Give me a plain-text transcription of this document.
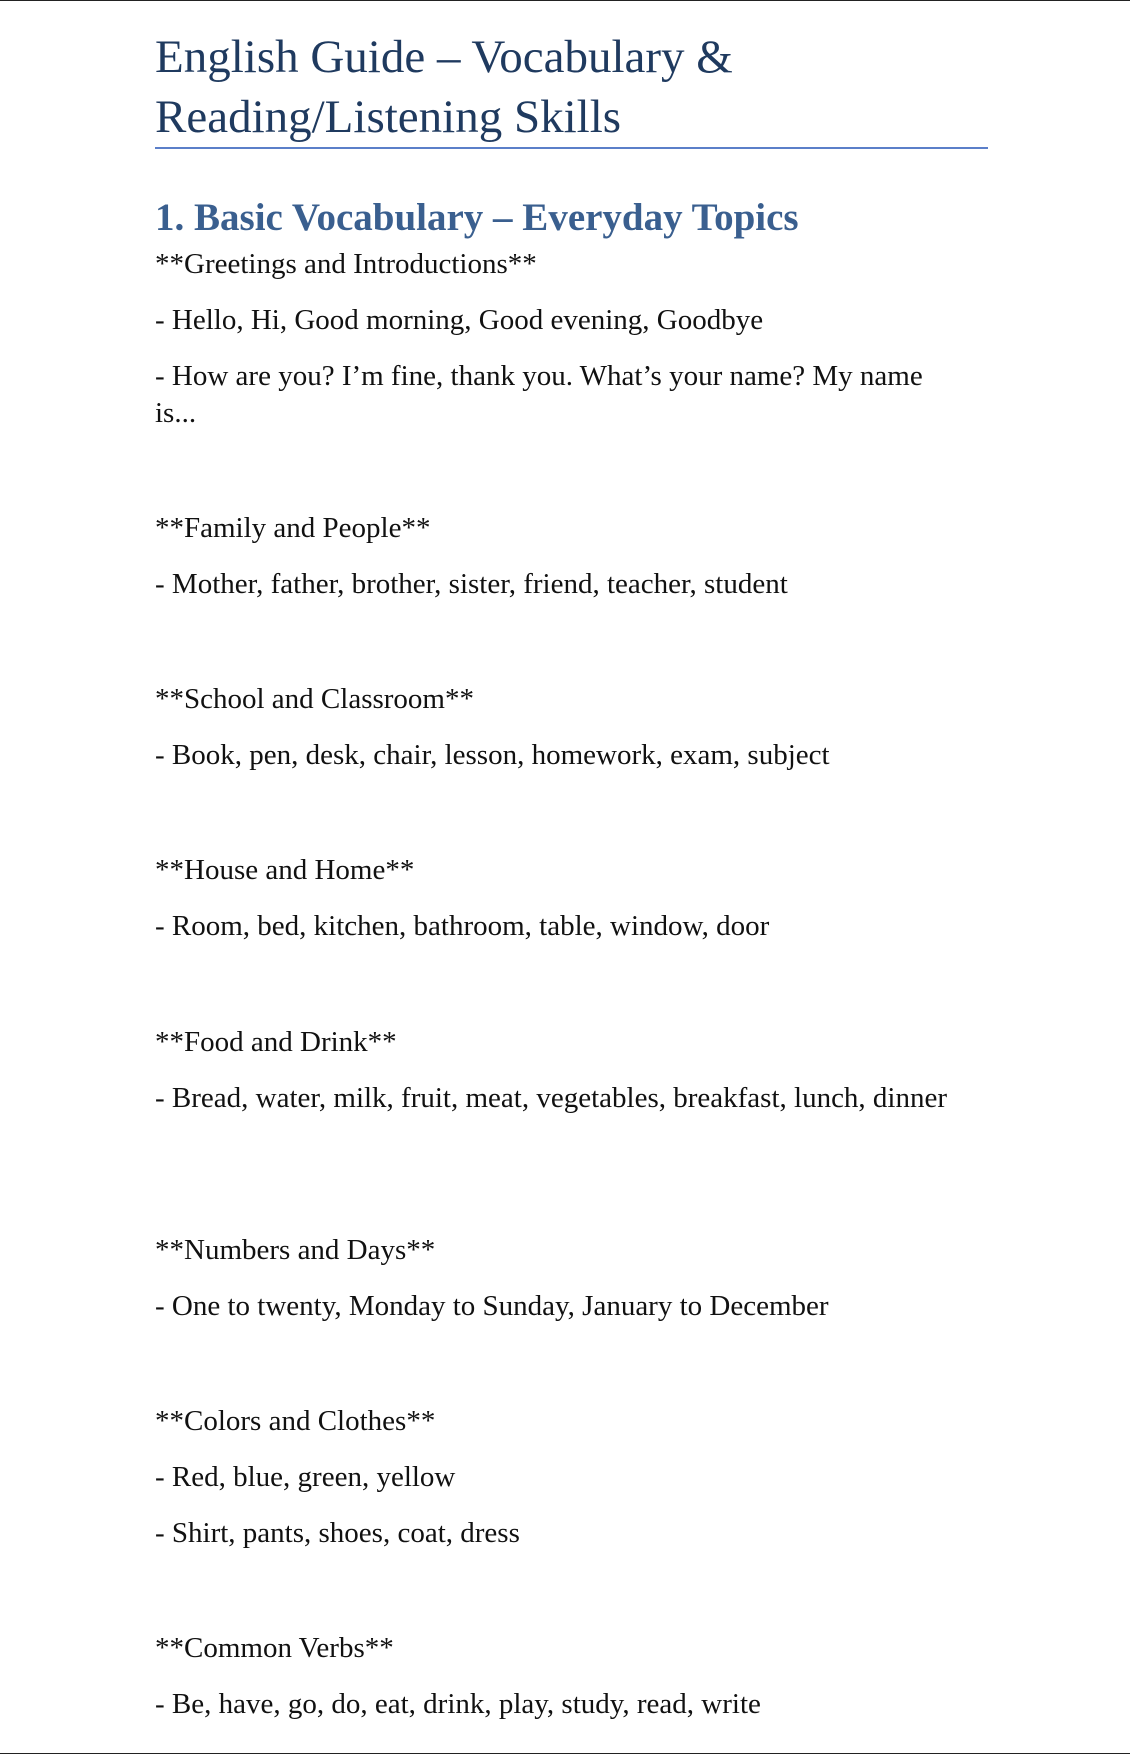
English Guide – Vocabulary & Reading/Listening Skills
1. Basic Vocabulary – Everyday Topics

**Greetings and Introductions**

- Hello, Hi, Good morning, Good evening, Goodbye

- How are you? I’m fine, thank you. What’s your name? My name is...

**Family and People**

- Mother, father, brother, sister, friend, teacher, student

**School and Classroom**

- Book, pen, desk, chair, lesson, homework, exam, subject

**House and Home**

- Room, bed, kitchen, bathroom, table, window, door

**Food and Drink**

- Bread, water, milk, fruit, meat, vegetables, breakfast, lunch, dinner

**Numbers and Days**

- One to twenty, Monday to Sunday, January to December

**Colors and Clothes**

- Red, blue, green, yellow

- Shirt, pants, shoes, coat, dress

**Common Verbs**

- Be, have, go, do, eat, drink, play, study, read, write
